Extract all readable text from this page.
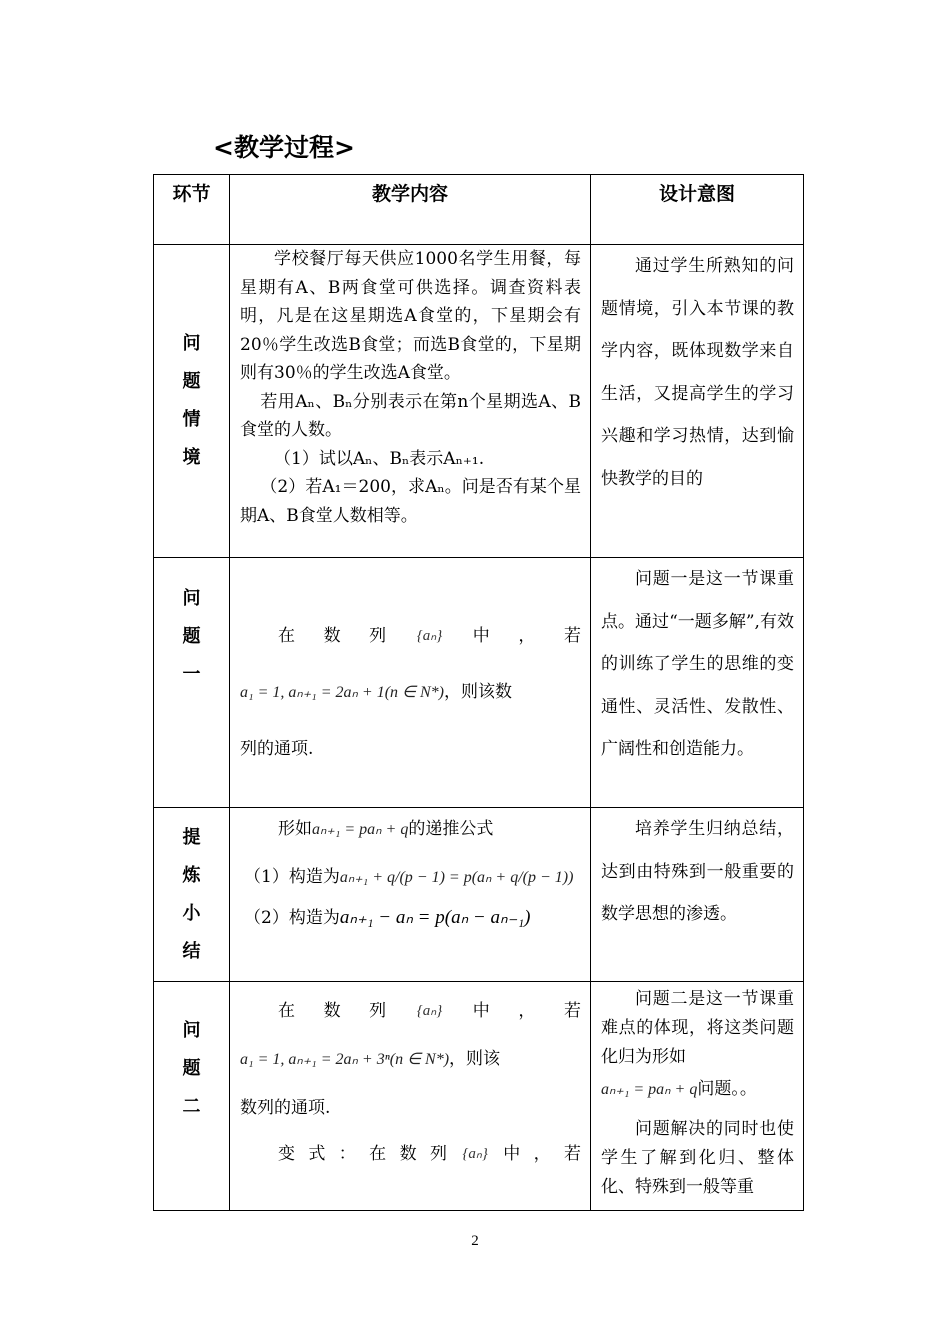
<教学过程>
环节	教学内容	设计意图
问
题
情
境

学校餐厅每天供应1000名学生用餐，每星期有A、B两食堂可供选择。调查资料表明，凡是在这星期选A食堂的，下星期会有20％学生改选B食堂；而选B食堂的，下星期则有30％的学生改选A食堂。

若用Aₙ、Bₙ分别表示在第n个星期选A、B食堂的人数。

（1）试以Aₙ、Bₙ表示Aₙ₊₁.

（2）若A₁＝200，求Aₙ。问是否有某个星期A、B食堂人数相等。

通过学生所熟知的问题情境，引入本节课的教学内容，既体现数学来自生活，又提高学生的学习兴趣和学习热情，达到愉快教学的目的

问
题
一
在 数 列 {aₙ} 中 ， 若
a₁ = 1, aₙ₊₁ = 2aₙ + 1(n ∈ N*)，则该数
列的通项.

问题一是这一节课重点。通过“一题多解”,有效的训练了学生的思维的变通性、灵活性、发散性、广阔性和创造能力。

提
炼
小
结
形如aₙ₊₁ = paₙ + q的递推公式
（1）构造为aₙ₊₁ + q/(p − 1) = p(aₙ + q/(p − 1))
（2）构造为aₙ₊₁ − aₙ = p(aₙ − aₙ₋₁)

培养学生归纳总结，达到由特殊到一般重要的数学思想的渗透。

问
题
二
在 数 列 {aₙ} 中 ， 若
a₁ = 1, aₙ₊₁ = 2aₙ + 3ⁿ(n ∈ N*)，则该
数列的通项.
变 式 ： 在 数 列 {aₙ} 中 ， 若

问题二是这一节课重难点的体现，将这类问题化归为形如

aₙ₊₁ = paₙ + q问题。。

问题解决的同时也使学生了解到化归、整体化、特殊到一般等重

2
